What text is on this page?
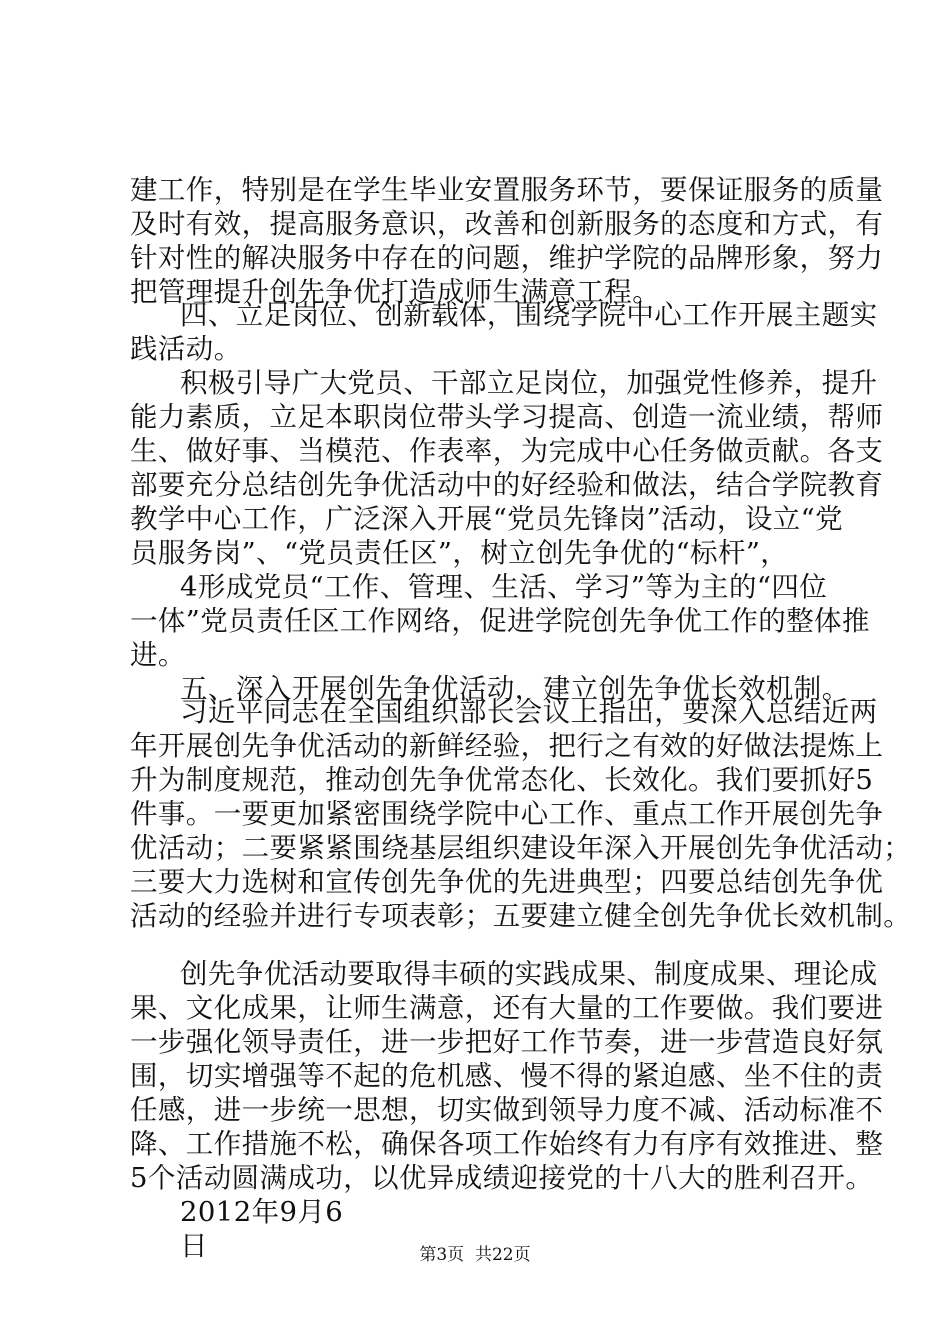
建工作，特别是在学生毕业安置服务环节，要保证服务的质量
及时有效，提高服务意识，改善和创新服务的态度和方式，有
针对性的解决服务中存在的问题，维护学院的品牌形象，努力
把管理提升创先争优打造成师生满意工程。
四、立足岗位、创新载体，围绕学院中心工作开展主题实
践活动。
积极引导广大党员、干部立足岗位，加强党性修养，提升
能力素质，立足本职岗位带头学习提高、创造一流业绩，帮师
生、做好事、当模范、作表率，为完成中心任务做贡献。各支
部要充分总结创先争优活动中的好经验和做法，结合学院教育
教学中心工作，广泛深入开展“党员先锋岗”活动，设立“党
员服务岗”、“党员责任区”，树立创先争优的“标杆”，
4形成党员“工作、管理、生活、学习”等为主的“四位
一体”党员责任区工作网络，促进学院创先争优工作的整体推
进。
五、深入开展创先争优活动，建立创先争优长效机制。
习近平同志在全国组织部长会议上指出，要深入总结近两
年开展创先争优活动的新鲜经验，把行之有效的好做法提炼上
升为制度规范，推动创先争优常态化、长效化。我们要抓好5
件事。一要更加紧密围绕学院中心工作、重点工作开展创先争
优活动；二要紧紧围绕基层组织建设年深入开展创先争优活动；
三要大力选树和宣传创先争优的先进典型；四要总结创先争优
活动的经验并进行专项表彰；五要建立健全创先争优长效机制。
创先争优活动要取得丰硕的实践成果、制度成果、理论成
果、文化成果，让师生满意，还有大量的工作要做。我们要进
一步强化领导责任，进一步把好工作节奏，进一步营造良好氛
围，切实增强等不起的危机感、慢不得的紧迫感、坐不住的责
任感，进一步统一思想，切实做到领导力度不减、活动标准不
降、工作措施不松，确保各项工作始终有力有序有效推进、整
5个活动圆满成功，以优异成绩迎接党的十八大的胜利召开。
2012年9月6
日	第3页  共22页
